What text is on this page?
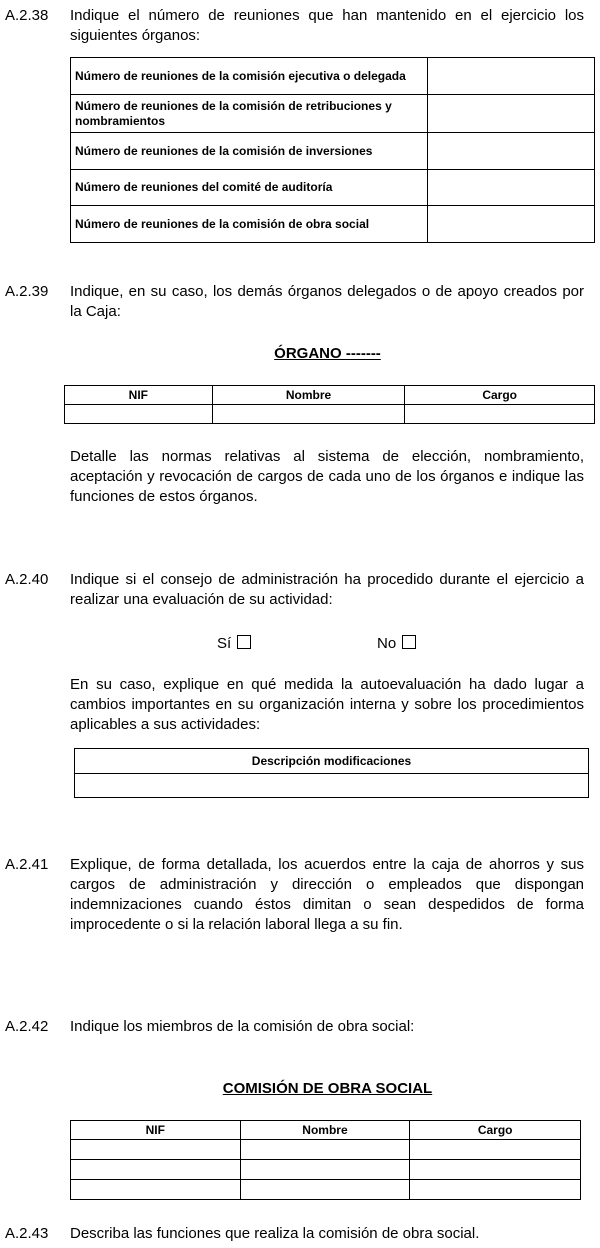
A.2.38 Indique el número de reuniones que han mantenido en el ejercicio los siguientes órganos:
Número de reuniones de la comisión ejecutiva o delegada	
Número de reuniones de la comisión de retribuciones y nombramientos	
Número de reuniones de la comisión de inversiones	
Número de reuniones del comité de auditoría	
Número de reuniones de la comisión de obra social	
A.2.39 Indique, en su caso, los demás órganos delegados o de apoyo creados por la Caja:
ÓRGANO -------
NIF	Nombre	Cargo

Detalle las normas relativas al sistema de elección, nombramiento, aceptación y revocación de cargos de cada uno de los órganos e indique las funciones de estos órganos.
A.2.40 Indique si el consejo de administración ha procedido durante el ejercicio a realizar una evaluación de su actividad:
Sí	No
En su caso, explique en qué medida la autoevaluación ha dado lugar a cambios importantes en su organización interna y sobre los procedimientos aplicables a sus actividades:
Descripción modificaciones

A.2.41 Explique, de forma detallada, los acuerdos entre la caja de ahorros y sus cargos de administración y dirección o empleados que dispongan indemnizaciones cuando éstos dimitan o sean despedidos de forma improcedente o si la relación laboral llega a su fin.
A.2.42 Indique los miembros de la comisión de obra social:
COMISIÓN DE OBRA SOCIAL
NIF	Nombre	Cargo

A.2.43 Describa las funciones que realiza la comisión de obra social.
